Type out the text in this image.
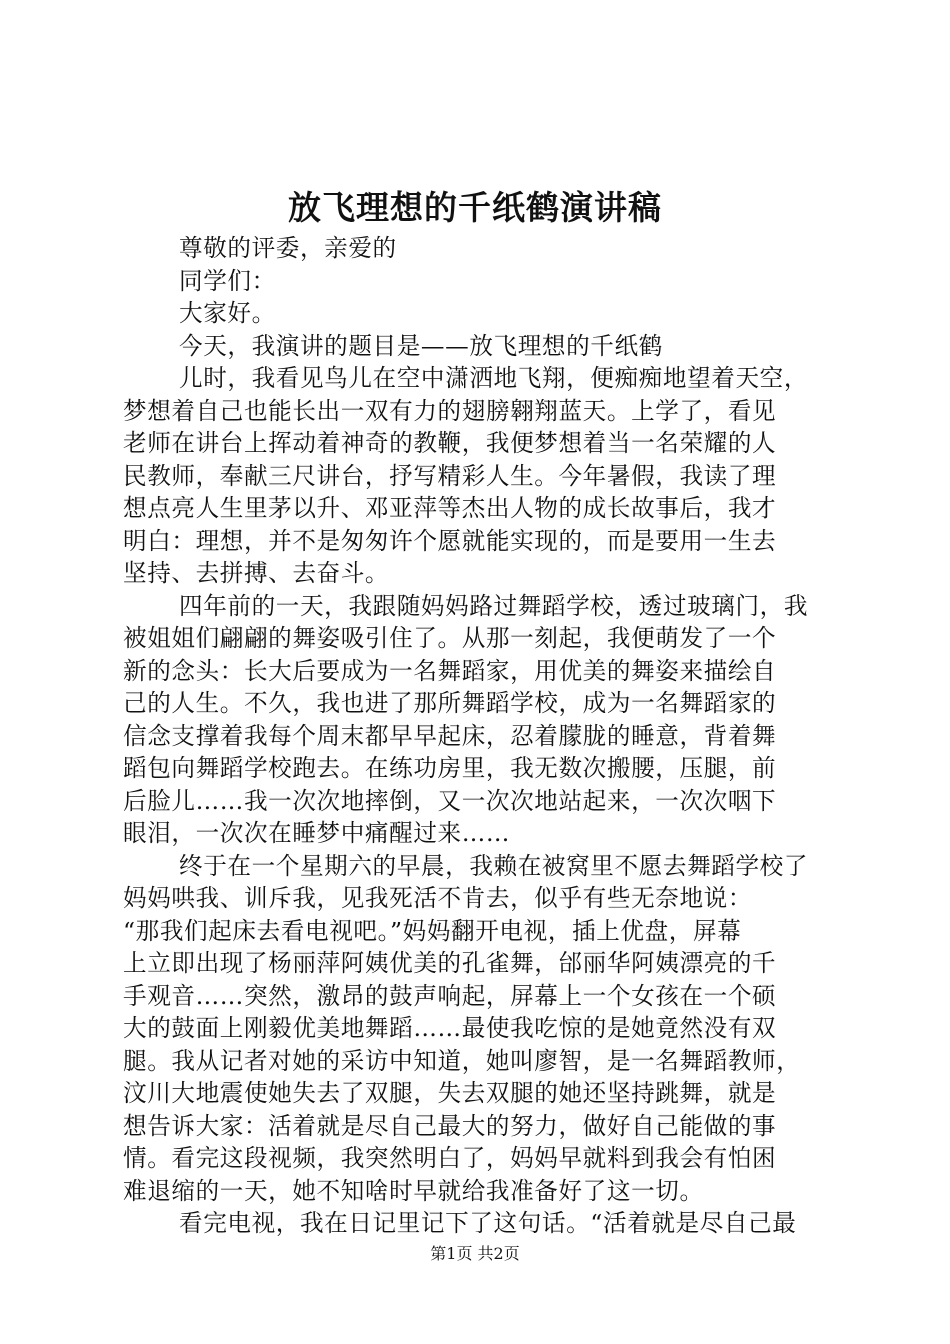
放飞理想的千纸鹤演讲稿
尊敬的评委，亲爱的
同学们：
大家好。
今天，我演讲的题目是——放飞理想的千纸鹤
儿时，我看见鸟儿在空中潇洒地飞翔，便痴痴地望着天空，
梦想着自己也能长出一双有力的翅膀翱翔蓝天。上学了，看见
老师在讲台上挥动着神奇的教鞭，我便梦想着当一名荣耀的人
民教师，奉献三尺讲台，抒写精彩人生。今年暑假，我读了理
想点亮人生里茅以升、邓亚萍等杰出人物的成长故事后，我才
明白：理想，并不是匆匆许个愿就能实现的，而是要用一生去
坚持、去拼搏、去奋斗。
四年前的一天，我跟随妈妈路过舞蹈学校，透过玻璃门，我
被姐姐们翩翩的舞姿吸引住了。从那一刻起，我便萌发了一个
新的念头：长大后要成为一名舞蹈家，用优美的舞姿来描绘自
己的人生。不久，我也进了那所舞蹈学校，成为一名舞蹈家的
信念支撑着我每个周末都早早起床，忍着朦胧的睡意，背着舞
蹈包向舞蹈学校跑去。在练功房里，我无数次搬腰，压腿，前
后脸儿……我一次次地摔倒，又一次次地站起来，一次次咽下
眼泪，一次次在睡梦中痛醒过来……
终于在一个星期六的早晨，我赖在被窝里不愿去舞蹈学校了
妈妈哄我、训斥我，见我死活不肯去，似乎有些无奈地说：
“那我们起床去看电视吧。”妈妈翻开电视，插上优盘，屏幕
上立即出现了杨丽萍阿姨优美的孔雀舞，邰丽华阿姨漂亮的千
手观音……突然，激昂的鼓声响起，屏幕上一个女孩在一个硕
大的鼓面上刚毅优美地舞蹈……最使我吃惊的是她竟然没有双
腿。我从记者对她的采访中知道，她叫廖智，是一名舞蹈教师，
汶川大地震使她失去了双腿，失去双腿的她还坚持跳舞，就是
想告诉大家：活着就是尽自己最大的努力，做好自己能做的事
情。看完这段视频，我突然明白了，妈妈早就料到我会有怕困
难退缩的一天，她不知啥时早就给我准备好了这一切。
看完电视，我在日记里记下了这句话。“活着就是尽自己最
第1页 共2页
